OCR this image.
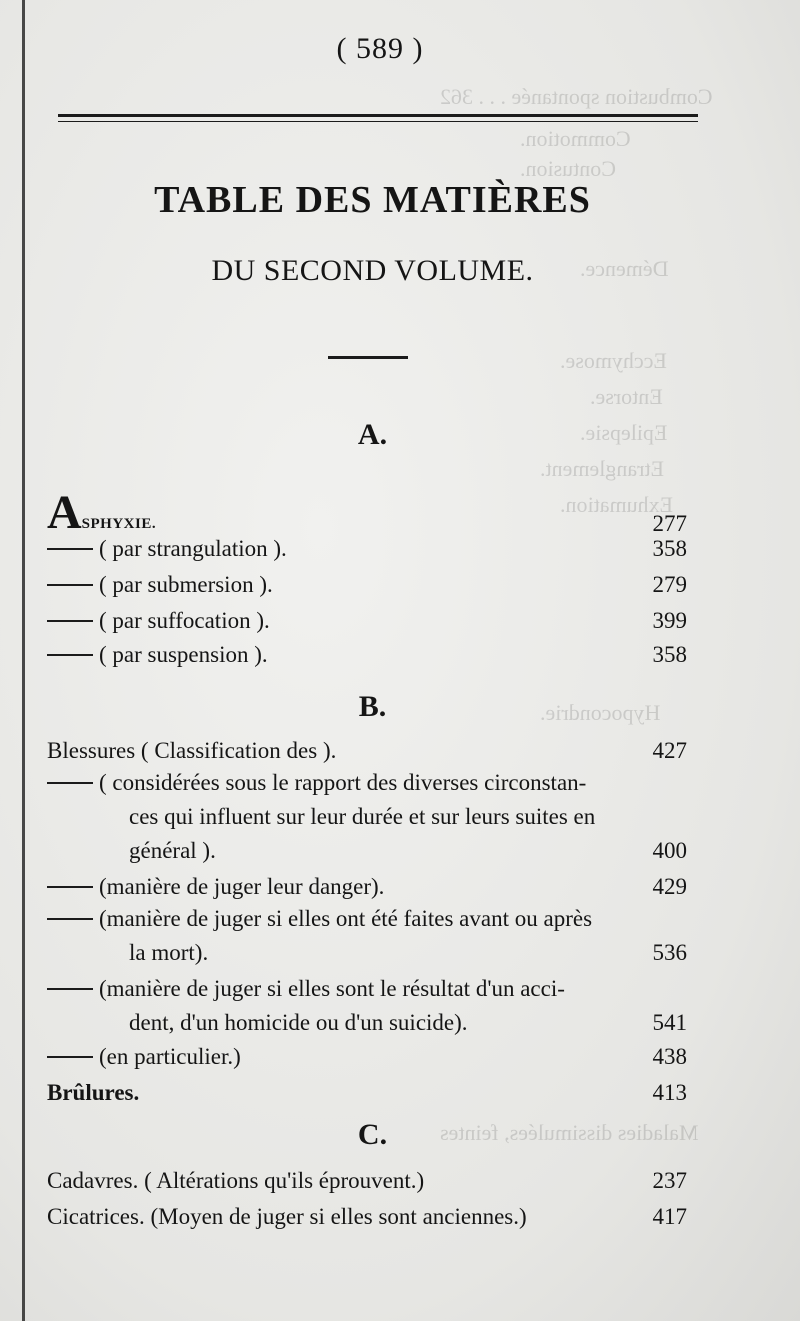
Combustion spontanée . . . 362
Commotion.
Contusion.
Démence.
Ecchymose.
Entorse.
Epilepsie.
Etranglement.
Exhumation.
Hypocondrie.
Maladies dissimulées, feintes
( 589 )
TABLE DES MATIÈRES
DU SECOND VOLUME.
A.
ASPHYXIE.	277
( par strangulation ).	358
( par submersion ).	279
( par suffocation ).	399
( par suspension ).	358
B.
Blessures ( Classification des ).	427
( considérées sous le rapport des diverses circonstan-
ces qui influent sur leur durée et sur leurs suites en
général ).	400
(manière de juger leur danger).	429
(manière de juger si elles ont été faites avant ou après
la mort).	536
(manière de juger si elles sont le résultat d'un acci-
dent, d'un homicide ou d'un suicide).	541
(en particulier.)	438
Brûlures.	413
C.
Cadavres. ( Altérations qu'ils éprouvent.)	237
Cicatrices. (Moyen de juger si elles sont anciennes.)	417
